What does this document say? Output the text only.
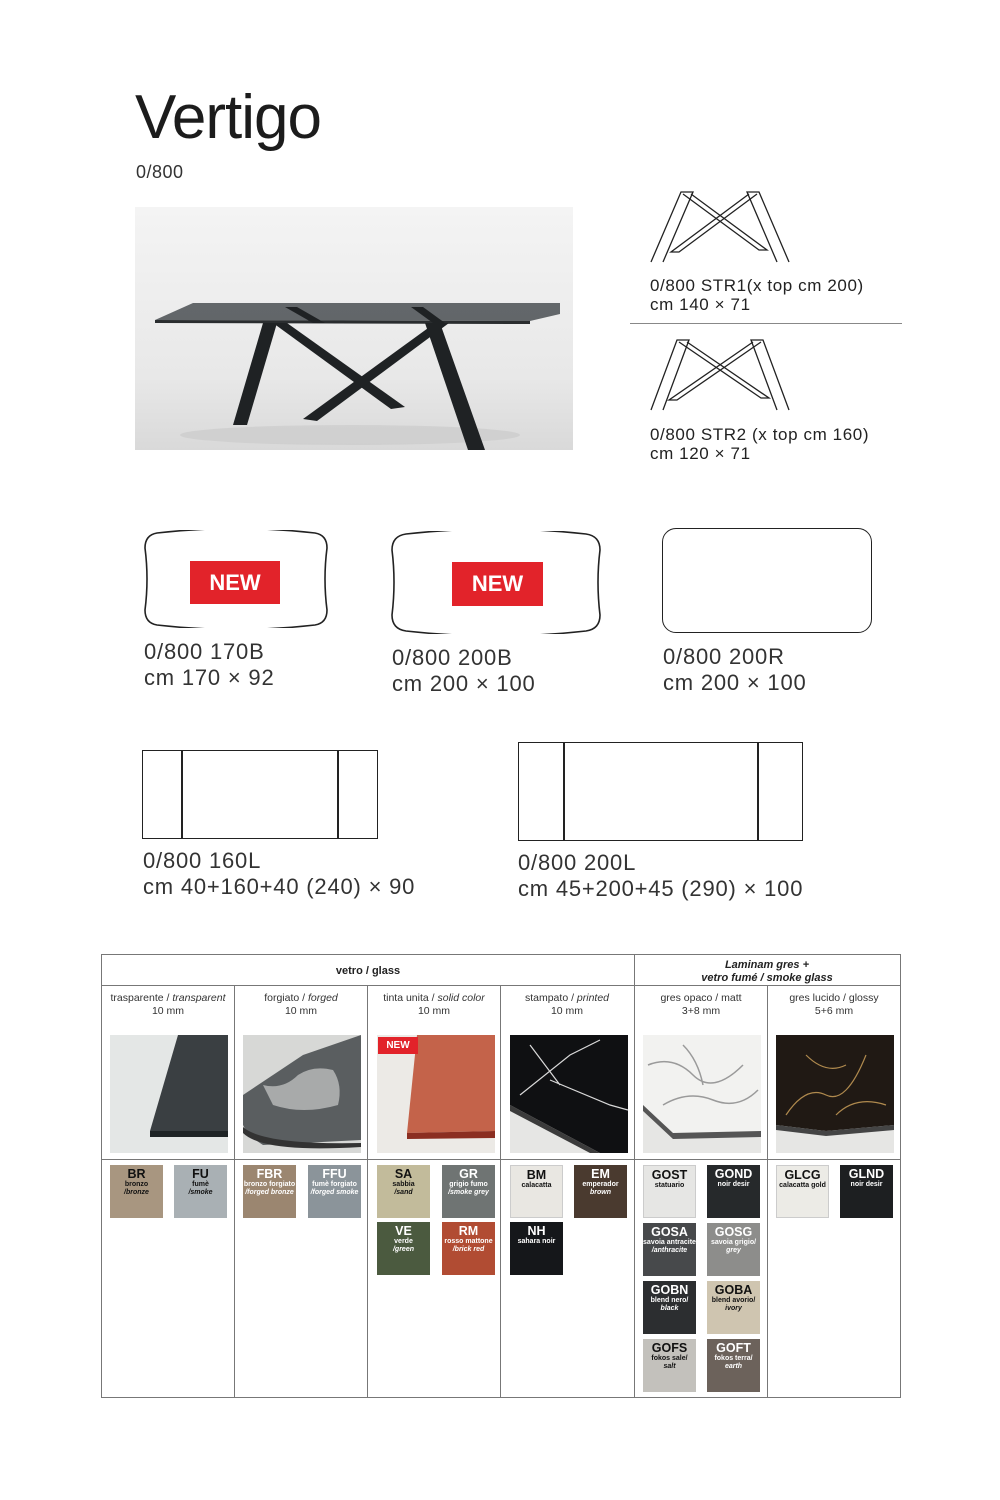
Vertigo
0/800
0/800 STR1(x top cm 200)
cm 140 × 71
0/800 STR2 (x top cm 160)
cm 120 × 71
NEW
0/800 170B
cm 170 × 92
NEW
0/800 200B
cm 200 × 100
0/800 200R
cm 200 × 100
0/800 160L
cm 40+160+40 (240) × 90
0/800 200L
cm 45+200+45 (290) × 100
vetro / glass	Laminam gres +
vetro fumé / smoke glass
trasparente / transparent
10 mm
forgiato / forged
10 mm
tinta unita / solid color
10 mm
stampato / printed
10 mm
gres opaco / matt
3+8 mm
gres lucido / glossy
5+6 mm
NEW
BR
bronzo
/bronze
FU
fumè
/smoke
FBR
bronzo forgiato
/forged bronze
FFU
fumè forgiato
/forged smoke
SA
sabbia
/sand
GR
grigio fumo
/smoke grey
VE
verde
/green
RM
rosso mattone
/brick red
BM
calacatta
EM
emperador
brown
NH
sahara noir
GOST
statuario
GOND
noir desir
GOSA
savoia antracite
/anthracite
GOSG
savoia grigio/
grey
GOBN
blend nero/
black
GOBA
blend avorio/
ivory
GOFS
fokos sale/
salt
GOFT
fokos terra/
earth
GLCG
calacatta gold
GLND
noir desir
